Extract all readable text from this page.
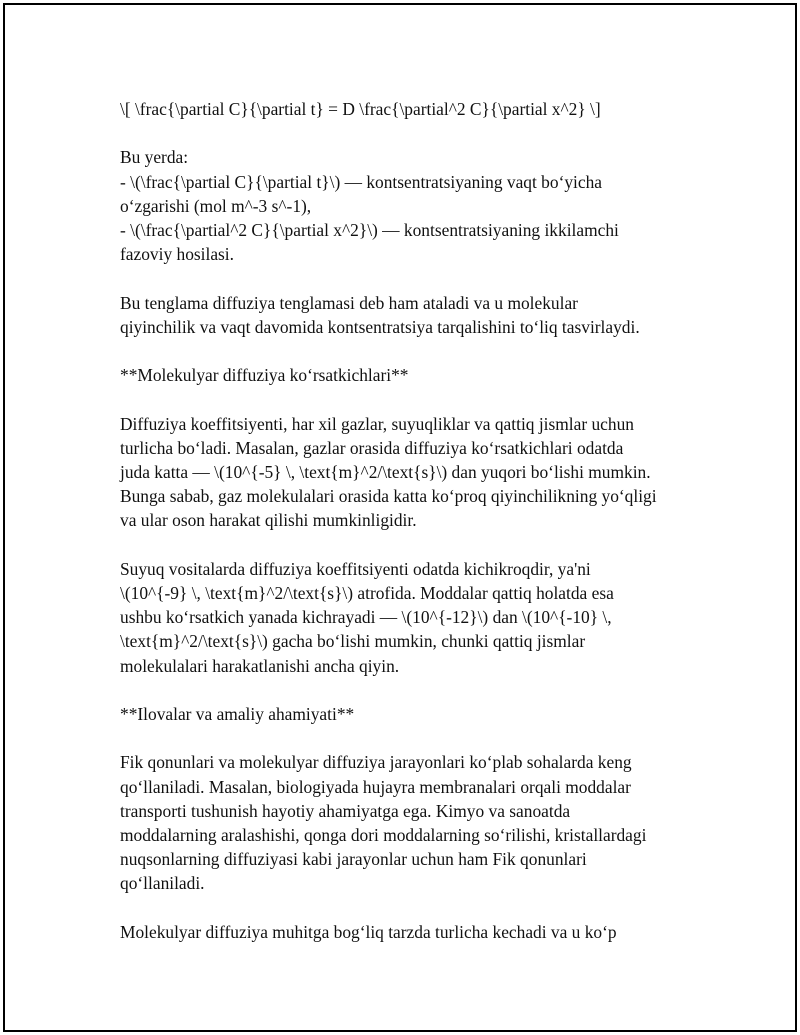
\[ \frac{\partial C}{\partial t} = D \frac{\partial^2 C}{\partial x^2} \]

Bu yerda:
- \(\frac{\partial C}{\partial t}\) — kontsentratsiyaning vaqt bo‘yicha
o‘zgarishi (mol m^-3 s^-1),
- \(\frac{\partial^2 C}{\partial x^2}\) — kontsentratsiyaning ikkilamchi
fazoviy hosilasi.

Bu tenglama diffuziya tenglamasi deb ham ataladi va u molekular
qiyinchilik va vaqt davomida kontsentratsiya tarqalishini to‘liq tasvirlaydi.

**Molekulyar diffuziya ko‘rsatkichlari**

Diffuziya koeffitsiyenti, har xil gazlar, suyuqliklar va qattiq jismlar uchun
turlicha bo‘ladi. Masalan, gazlar orasida diffuziya ko‘rsatkichlari odatda
juda katta — \(10^{-5} \, \text{m}^2/\text{s}\) dan yuqori bo‘lishi mumkin.
Bunga sabab, gaz molekulalari orasida katta ko‘proq qiyinchilikning yo‘qligi
va ular oson harakat qilishi mumkinligidir.

Suyuq vositalarda diffuziya koeffitsiyenti odatda kichikroqdir, ya'ni
\(10^{-9} \, \text{m}^2/\text{s}\) atrofida. Moddalar qattiq holatda esa
ushbu ko‘rsatkich yanada kichrayadi — \(10^{-12}\) dan \(10^{-10} \,
\text{m}^2/\text{s}\) gacha bo‘lishi mumkin, chunki qattiq jismlar
molekulalari harakatlanishi ancha qiyin.

**Ilovalar va amaliy ahamiyati**

Fik qonunlari va molekulyar diffuziya jarayonlari ko‘plab sohalarda keng
qo‘llaniladi. Masalan, biologiyada hujayra membranalari orqali moddalar
transporti tushunish hayotiy ahamiyatga ega. Kimyo va sanoatda
moddalarning aralashishi, qonga dori moddalarning so‘rilishi, kristallardagi
nuqsonlarning diffuziyasi kabi jarayonlar uchun ham Fik qonunlari
qo‘llaniladi.

Molekulyar diffuziya muhitga bog‘liq tarzda turlicha kechadi va u ko‘p
